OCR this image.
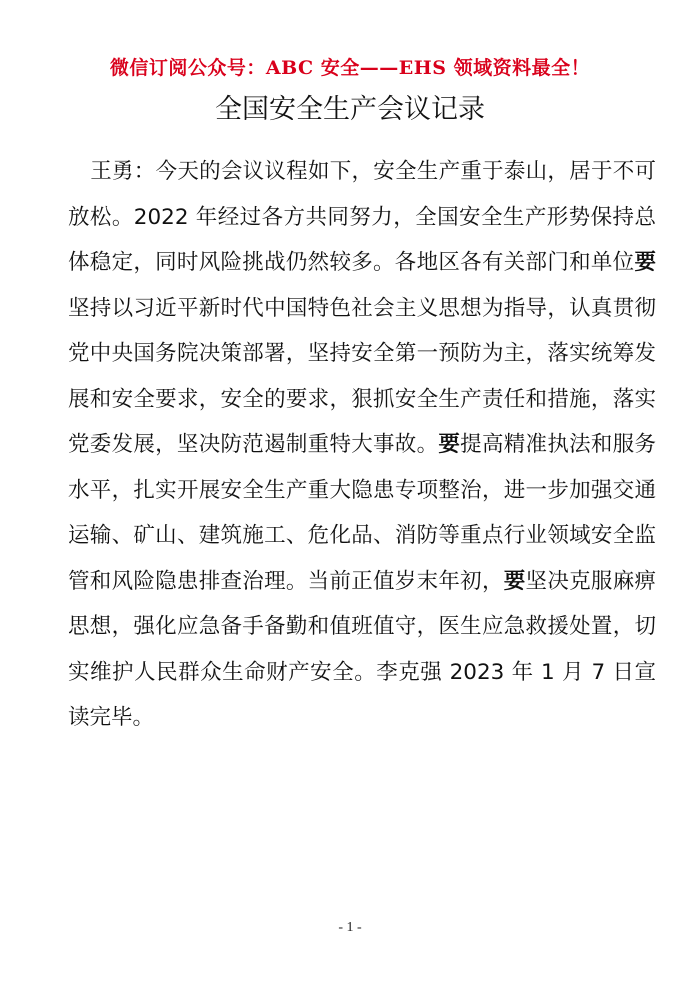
微信订阅公众号：ABC 安全——EHS 领域资料最全！
全国安全生产会议记录
王勇：今天的会议议程如下，安全生产重于泰山，居于不可放松。2022 年经过各方共同努力，全国安全生产形势保持总体稳定，同时风险挑战仍然较多。各地区各有关部门和单位要坚持以习近平新时代中国特色社会主义思想为指导，认真贯彻党中央国务院决策部署，坚持安全第一预防为主，落实统筹发展和安全要求，安全的要求，狠抓安全生产责任和措施，落实党委发展，坚决防范遏制重特大事故。要提高精准执法和服务水平，扎实开展安全生产重大隐患专项整治，进一步加强交通运输、矿山、建筑施工、危化品、消防等重点行业领域安全监管和风险隐患排查治理。当前正值岁末年初，要坚决克服麻痹思想，强化应急备手备勤和值班值守，医生应急救援处置，切实维护人民群众生命财产安全。李克强 2023 年 1 月 7 日宣读完毕。
- 1 -
